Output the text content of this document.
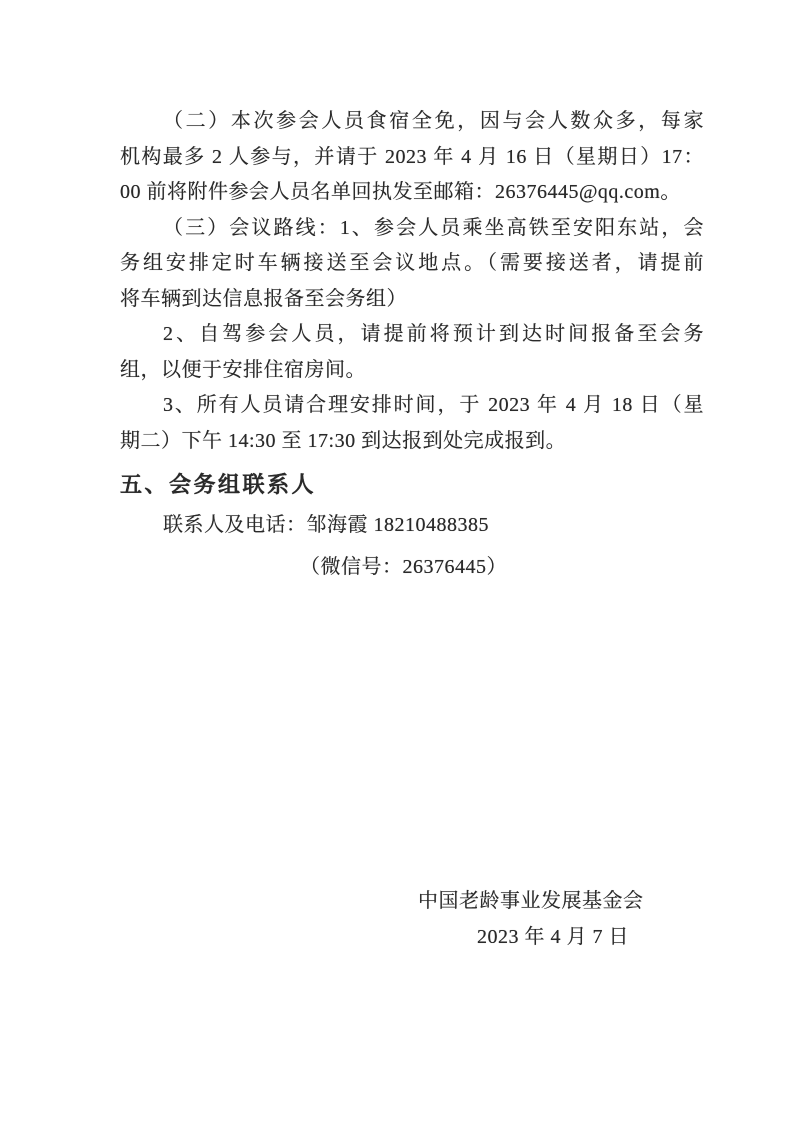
（二）本次参会人员食宿全免，因与会人数众多，每家

机构最多 2 人参与，并请于 2023 年 4 月 16 日（星期日）17：

00 前将附件参会人员名单回执发至邮箱：26376445@qq.com。

（三）会议路线：1、参会人员乘坐高铁至安阳东站，会

务组安排定时车辆接送至会议地点。（需要接送者，请提前

将车辆到达信息报备至会务组）

2、自驾参会人员，请提前将预计到达时间报备至会务

组，以便于安排住宿房间。

3、所有人员请合理安排时间，于 2023 年 4 月 18 日（星

期二）下午 14:30 至 17:30 到达报到处完成报到。

五、会务组联系人

联系人及电话：邹海霞 18210488385

（微信号：26376445）

中国老龄事业发展基金会

2023 年 4 月 7 日
